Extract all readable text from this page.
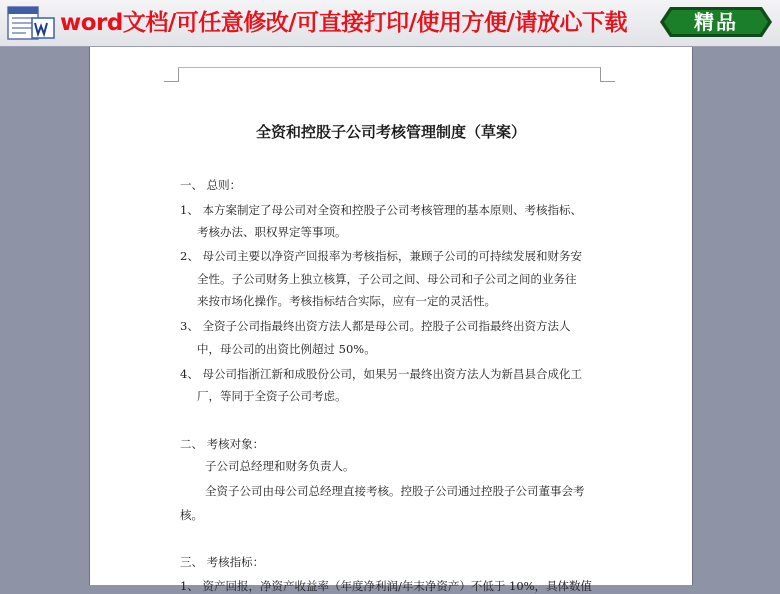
word文档/可任意修改/可直接打印/使用方便/请放心下载	精品
全资和控股子公司考核管理制度（草案）
一、 总则：
1、 本方案制定了母公司对全资和控股子公司考核管理的基本原则、考核指标、
考核办法、职权界定等事项。
2、 母公司主要以净资产回报率为考核指标，兼顾子公司的可持续发展和财务安
全性。子公司财务上独立核算，子公司之间、母公司和子公司之间的业务往
来按市场化操作。考核指标结合实际，应有一定的灵活性。
3、 全资子公司指最终出资方法人都是母公司。控股子公司指最终出资方法人
中，母公司的出资比例超过 50%。
4、 母公司指浙江新和成股份公司，如果另一最终出资方法人为新昌县合成化工
厂，等同于全资子公司考虑。
二、 考核对象：
子公司总经理和财务负责人。
全资子公司由母公司总经理直接考核。控股子公司通过控股子公司董事会考
核。
三、 考核指标：
1、 资产回报，净资产收益率（年度净利润/年末净资产）不低于 10%，具体数值
